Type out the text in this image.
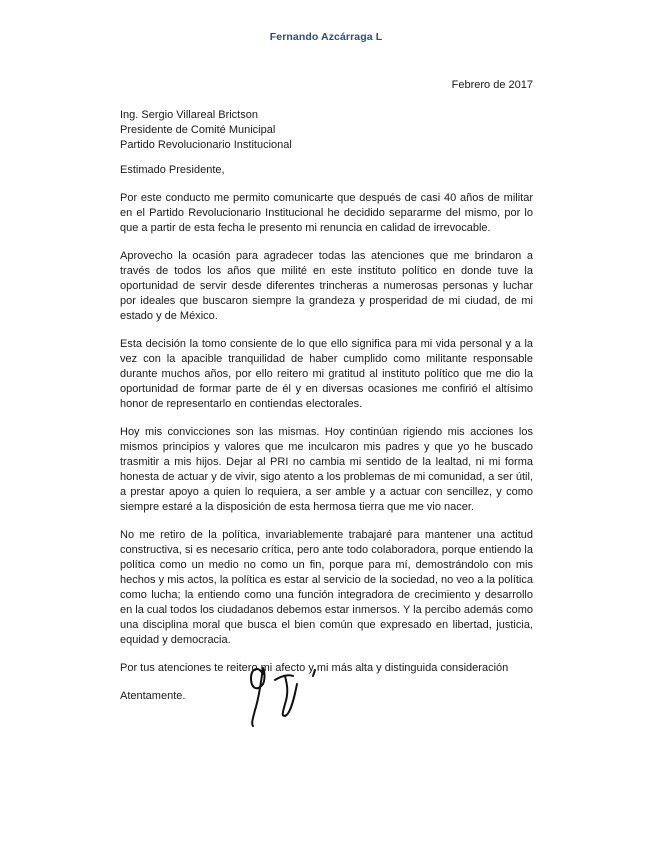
Fernando Azcárraga L
Febrero de 2017
Ing. Sergio Villareal Brictson
Presidente de Comité Municipal
Partido Revolucionario Institucional
Estimado Presidente,

Por este conducto me permito comunicarte que después de casi 40 años de militar en el Partido Revolucionario Institucional he decidido separarme del mismo, por lo que a partir de esta fecha le presento mi renuncia en calidad de irrevocable.

Aprovecho la ocasión para agradecer todas las atenciones que me brindaron a través de todos los años que milité en este instituto político en donde tuve la oportunidad de servir desde diferentes trincheras a numerosas personas y luchar por ideales que buscaron siempre la grandeza y prosperidad de mi ciudad, de mi estado y de México.

Esta decisión la tomo consiente de lo que ello significa para mi vida personal y a la vez con la apacible tranquilidad de haber cumplido como militante responsable durante muchos años, por ello reitero mi gratitud al instituto político que me dio la oportunidad de formar parte de él y en diversas ocasiones me confirió el altísimo honor de representarlo en contiendas electorales.

Hoy mis convicciones son las mismas. Hoy continúan rigiendo mis acciones los mismos principios y valores que me inculcaron mis padres y que yo he buscado trasmitir a mis hijos. Dejar al PRI no cambia mi sentido de la lealtad, ni mi forma honesta de actuar y de vivir, sigo atento a los problemas de mi comunidad, a ser útil, a prestar apoyo a quien lo requiera, a ser amble y a actuar con sencillez, y como siempre estaré a la disposición de esta hermosa tierra que me vio nacer.

No me retiro de la política, invariablemente trabajaré para mantener una actitud constructiva, si es necesario crítica, pero ante todo colaboradora, porque entiendo la política como un medio no como un fin, porque para mí, demostrándolo con mis hechos y mis actos, la política es estar al servicio de la sociedad, no veo a la política como lucha; la entiendo como una función integradora de crecimiento y desarrollo en la cual todos los ciudadanos debemos estar inmersos. Y la percibo además como una disciplina moral que busca el bien común que expresado en libertad, justicia, equidad y democracia.

Por tus atenciones te reitero mi afecto y mi más alta y distinguida consideración

Atentamente.
